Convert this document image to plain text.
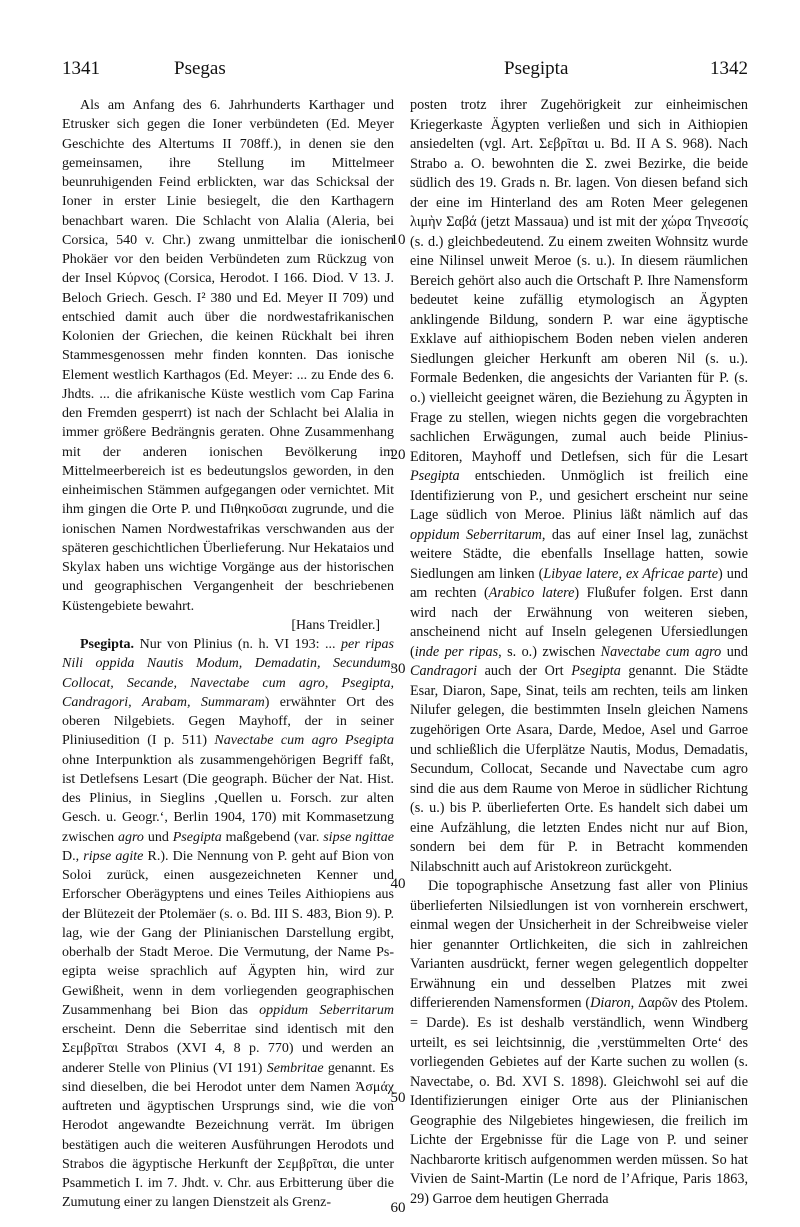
1341	Psegas	Psegipta	1342
10
20
30
40
50
60

Als am Anfang des 6. Jahrhunderts Karthager und Etrusker sich gegen die Ioner verbündeten (Ed. Meyer Geschichte des Altertums II 708ff.), in denen sie den gemeinsamen, ihre Stellung im Mittelmeer beunruhigenden Feind erblickten, war das Schicksal der Ioner in erster Linie besiegelt, die den Karthagern benachbart waren. Die Schlacht von Alalia (Aleria, bei Corsica, 540 v. Chr.) zwang unmittelbar die ionischen Phokäer vor den beiden Verbündeten zum Rückzug von der Insel Κύρνος (Corsica, Herodot. I 166. Diod. V 13. J. Beloch Griech. Gesch. I² 380 und Ed. Meyer II 709) und entschied damit auch über die nordwestafrikanischen Kolonien der Griechen, die keinen Rückhalt bei ihren Stammesgenossen mehr finden konnten. Das ionische Element westlich Karthagos (Ed. Meyer: ... zu Ende des 6. Jhdts. ... die afrikanische Küste westlich vom Cap Farina den Fremden gesperrt) ist nach der Schlacht bei Alalia in immer größere Bedrängnis geraten. Ohne Zusammenhang mit der anderen ionischen Bevölkerung im Mittelmeerbereich ist es bedeutungslos geworden, in den einheimischen Stämmen aufgegangen oder vernichtet. Mit ihm gingen die Orte P. und Πιθηκοῦσαι zugrunde, und die ionischen Namen Nordwestafrikas verschwanden aus der späteren geschichtlichen Überlieferung. Nur Hekataios und Skylax haben uns wichtige Vorgänge aus der historischen und geographischen Vergangenheit der beschriebenen Küstengebiete bewahrt.

[Hans Treidler.]

Psegipta. Nur von Plinius (n. h. VI 193: ... per ripas Nili oppida Nautis Modum, Demadatin, Secundum, Collocat, Secande, Navectabe cum agro, Psegipta, Candragori, Arabam, Summaram) erwähnter Ort des oberen Nilgebiets. Gegen Mayhoff, der in seiner Pliniusedition (I p. 511) Navectabe cum agro Psegipta ohne Interpunktion als zusammengehörigen Begriff faßt, ist Detlefsens Lesart (Die geograph. Bücher der Nat. Hist. des Plinius, in Sieglins ‚Quellen u. Forsch. zur alten Gesch. u. Geogr.‘, Berlin 1904, 170) mit Kommasetzung zwischen agro und Psegipta maßgebend (var. sipse ngittae D., ripse agite R.). Die Nennung von P. geht auf Bion von Soloi zurück, einen ausgezeichneten Kenner und Erforscher Oberägyptens und eines Teiles Aithiopiens aus der Blütezeit der Ptolemäer (s. o. Bd. III S. 483, Bion 9). P. lag, wie der Gang der Plinianischen Darstellung ergibt, oberhalb der Stadt Meroe. Die Vermutung, der Name Ps-egipta weise sprachlich auf Ägypten hin, wird zur Gewißheit, wenn in dem vorliegenden geographischen Zusammenhang bei Bion das oppidum Seberritarum erscheint. Denn die Seberritae sind identisch mit den Σεμβρῖται Strabos (XVI 4, 8 p. 770) und werden an anderer Stelle von Plinius (VI 191) Sembritae genannt. Es sind dieselben, die bei Herodot unter dem Namen Ἀσμάχ auftreten und ägyptischen Ursprungs sind, wie die von Herodot angewandte Bezeichnung verrät. Im übrigen bestätigen auch die weiteren Ausführungen Herodots und Strabos die ägyptische Herkunft der Σεμβρῖται, die unter Psammetich I. im 7. Jhdt. v. Chr. aus Erbitterung über die Zumutung einer zu langen Dienstzeit als Grenz-

posten trotz ihrer Zugehörigkeit zur einheimischen Kriegerkaste Ägypten verließen und sich in Aithiopien ansiedelten (vgl. Art. Σεβρῖται u. Bd. II A S. 968). Nach Strabo a. O. bewohnten die Σ. zwei Bezirke, die beide südlich des 19. Grads n. Br. lagen. Von diesen befand sich der eine im Hinterland des am Roten Meer gelegenen λιμὴν Σαβά (jetzt Massaua) und ist mit der χώρα Τηνεσσίς (s. d.) gleichbedeutend. Zu einem zweiten Wohnsitz wurde eine Nilinsel unweit Meroe (s. u.). In diesem räumlichen Bereich gehört also auch die Ortschaft P. Ihre Namensform bedeutet keine zufällig etymologisch an Ägypten anklingende Bildung, sondern P. war eine ägyptische Exklave auf aithiopischem Boden neben vielen anderen Siedlungen gleicher Herkunft am oberen Nil (s. u.). Formale Bedenken, die angesichts der Varianten für P. (s. o.) vielleicht geeignet wären, die Beziehung zu Ägypten in Frage zu stellen, wiegen nichts gegen die vorgebrachten sachlichen Erwägungen, zumal auch beide Plinius-Editoren, Mayhoff und Detlefsen, sich für die Lesart Psegipta entschieden. Unmöglich ist freilich eine Identifizierung von P., und gesichert erscheint nur seine Lage südlich von Meroe. Plinius läßt nämlich auf das oppidum Seberritarum, das auf einer Insel lag, zunächst weitere Städte, die ebenfalls Insellage hatten, sowie Siedlungen am linken (Libyae latere, ex Africae parte) und am rechten (Arabico latere) Flußufer folgen. Erst dann wird nach der Erwähnung von weiteren sieben, anscheinend nicht auf Inseln gelegenen Ufersiedlungen (inde per ripas, s. o.) zwischen Navectabe cum agro und Candragori auch der Ort Psegipta genannt. Die Städte Esar, Diaron, Sape, Sinat, teils am rechten, teils am linken Nilufer gelegen, die bestimmten Inseln gleichen Namens zugehörigen Orte Asara, Darde, Medoe, Asel und Garroe und schließlich die Uferplätze Nautis, Modus, Demadatis, Secundum, Collocat, Secande und Navectabe cum agro sind die aus dem Raume von Meroe in südlicher Richtung (s. u.) bis P. überlieferten Orte. Es handelt sich dabei um eine Aufzählung, die letzten Endes nicht nur auf Bion, sondern bei dem für P. in Betracht kommenden Nilabschnitt auch auf Aristokreon zurückgeht.

Die topographische Ansetzung fast aller von Plinius überlieferten Nilsiedlungen ist von vornherein erschwert, einmal wegen der Unsicherheit in der Schreibweise vieler hier genannter Ortlichkeiten, die sich in zahlreichen Varianten ausdrückt, ferner wegen gelegentlich doppelter Erwähnung ein und desselben Platzes mit zwei differierenden Namensformen (Diaron, Δαρῶν des Ptolem. = Darde). Es ist deshalb verständlich, wenn Windberg urteilt, es sei leichtsinnig, die ‚verstümmelten Orte‘ des vorliegenden Gebietes auf der Karte suchen zu wollen (s. Navectabe, o. Bd. XVI S. 1898). Gleichwohl sei auf die Identifizierungen einiger Orte aus der Plinianischen Geographie des Nilgebietes hingewiesen, die freilich im Lichte der Ergebnisse für die Lage von P. und seiner Nachbarorte kritisch aufgenommen werden müssen. So hat Vivien de Saint-Martin (Le nord de l’Afrique, Paris 1863, 29) Garroe dem heutigen Gherrada
